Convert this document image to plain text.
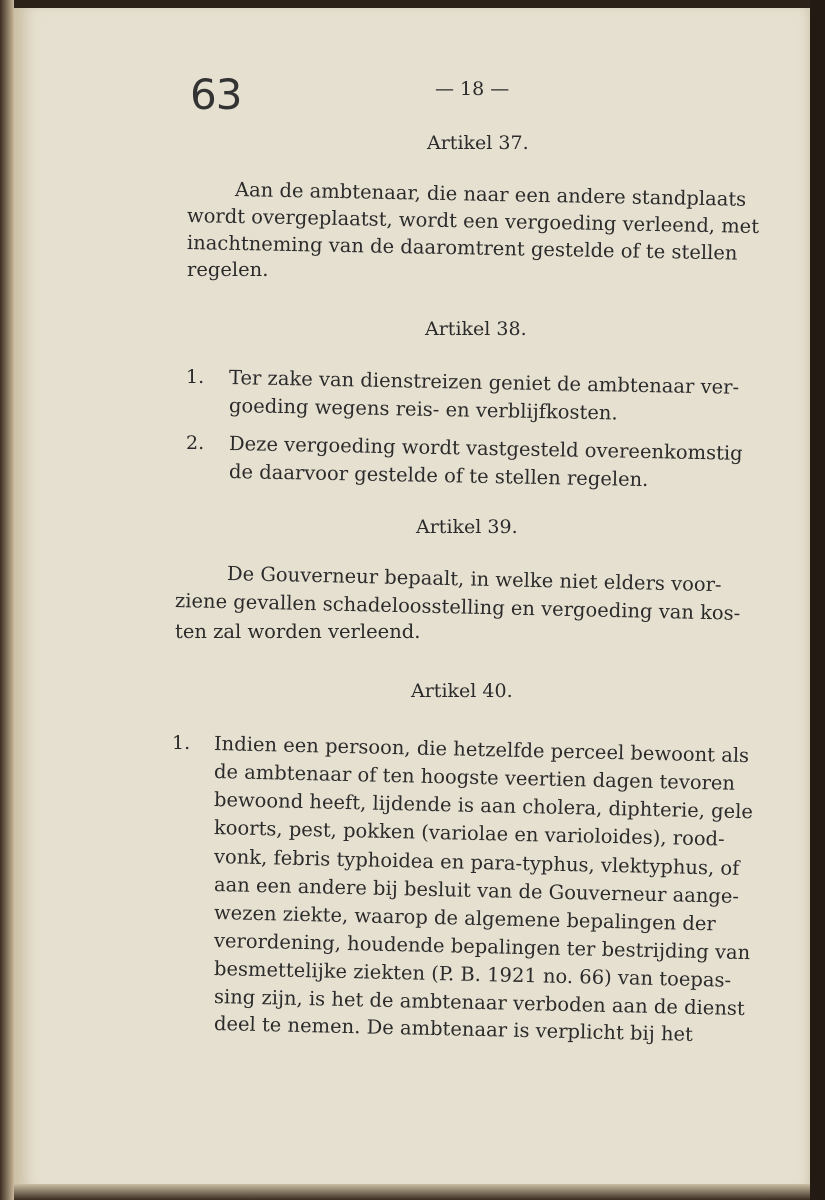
63	— 18 —
Artikel 37.
Aan de ambtenaar, die naar een andere standplaats
wordt overgeplaatst, wordt een vergoeding verleend, met
inachtneming van de daaromtrent gestelde of te stellen
regelen.
Artikel 38.
1. Ter zake van dienstreizen geniet de ambtenaar ver-
goeding wegens reis- en verblijfkosten.
2. Deze vergoeding wordt vastgesteld overeenkomstig
de daarvoor gestelde of te stellen regelen.
Artikel 39.
De Gouverneur bepaalt, in welke niet elders voor-
ziene gevallen schadeloosstelling en vergoeding van kos-
ten zal worden verleend.
Artikel 40.
1. Indien een persoon, die hetzelfde perceel bewoont als
de ambtenaar of ten hoogste veertien dagen tevoren
bewoond heeft, lijdende is aan cholera, diphterie, gele
koorts, pest, pokken (variolae en varioloides), rood-
vonk, febris typhoidea en para-typhus, vlektyphus, of
aan een andere bij besluit van de Gouverneur aange-
wezen ziekte, waarop de algemene bepalingen der
verordening, houdende bepalingen ter bestrijding van
besmettelijke ziekten (P. B. 1921 no. 66) van toepas-
sing zijn, is het de ambtenaar verboden aan de dienst
deel te nemen. De ambtenaar is verplicht bij het
